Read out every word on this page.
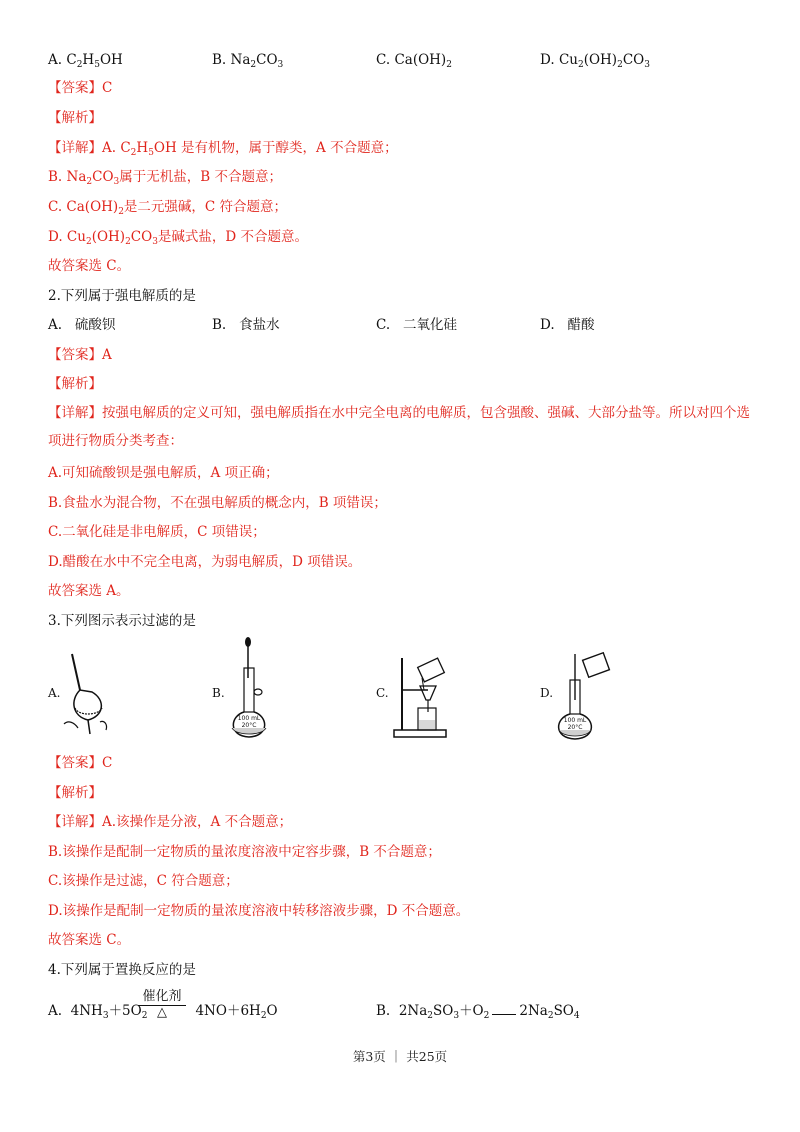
A. $C_2H_5OH$	B. $Na_2CO_3$	C. $Ca(OH)_2$	D. $Cu_2(OH)_2CO_3$
【答案】C
【解析】
【详解】A. $C_2H_5OH$ 是有机物，属于醇类，A 不合题意；
B. $Na_2CO_3$属于无机盐，B 不合题意；
C. $Ca(OH)_2$是二元强碱，C 符合题意；
D. $Cu_2(OH)_2CO_3$是碱式盐，D 不合题意。
故答案选 C。
2.下列属于强电解质的是
A. 硫酸钡	B. 食盐水	C. 二氧化硅	D. 醋酸
【答案】A
【解析】
【详解】按强电解质的定义可知，强电解质指在水中完全电离的电解质，包含强酸、强碱、大部分盐等。所以对四个选项进行物质分类考查：
A.可知硫酸钡是强电解质，A 项正确；
B.食盐水为混合物，不在强电解质的概念内，B 项错误；
C.二氧化硅是非电解质，C 项错误；
D.醋酸在水中不完全电离，为弱电解质，D 项错误。
故答案选 A。
3.下列图示表示过滤的是
A.	B.
100 mL
20°C
C.	D.
100 mL
20°C
【答案】C
【解析】
【详解】A.该操作是分液，A 不合题意；
B.该操作是配制一定物质的量浓度溶液中定容步骤，B 不合题意；
C.该操作是过滤，C 符合题意；
D.该操作是配制一定物质的量浓度溶液中转移溶液步骤，D 不合题意。
故答案选 C。
4.下列属于置换反应的是
A. $4NH_3+5O_2$	$4NO+6H_2O$
催化剂
△	B. $2Na_2SO_3+O_2$ $2Na_2SO_4$
第3页 ｜ 共25页
